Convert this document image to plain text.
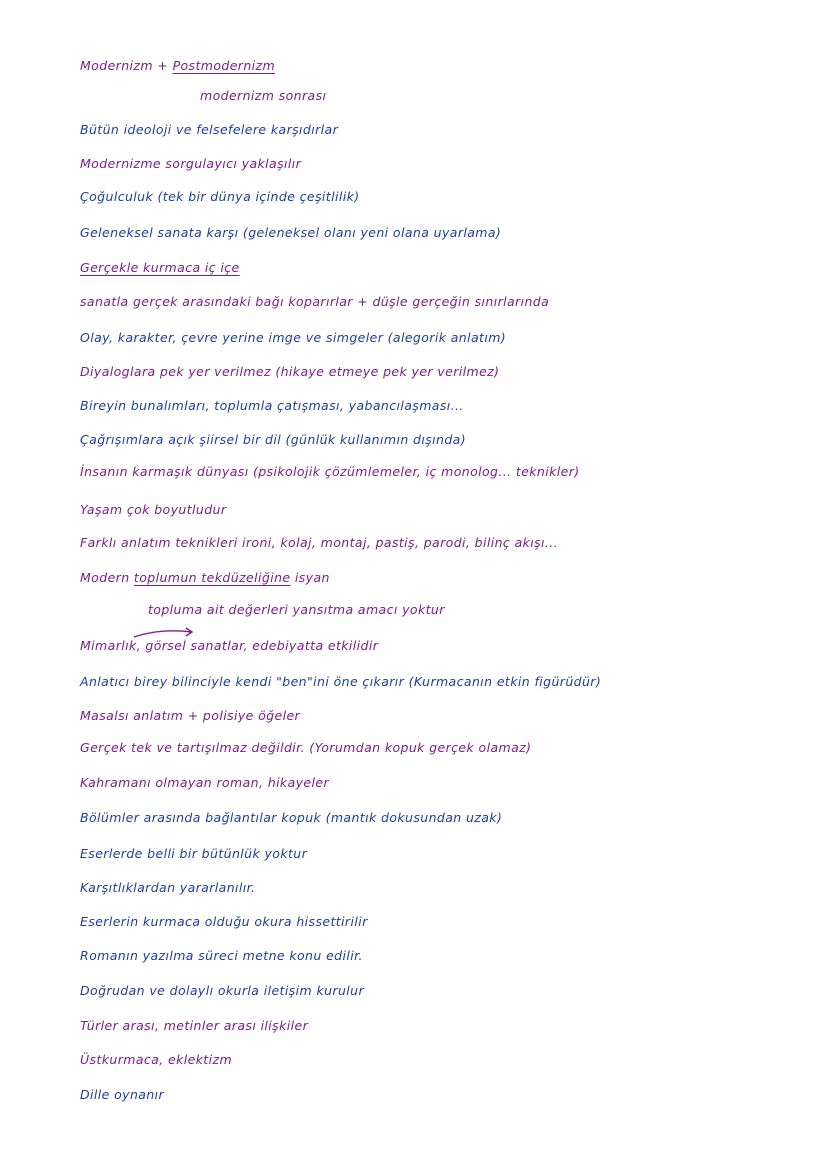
Modernizm + Postmodernizm
modernizm sonrası
Bütün ideoloji ve felsefelere karşıdırlar
Modernizme sorgulayıcı yaklaşılır
Çoğulculuk (tek bir dünya içinde çeşitlilik)
Geleneksel sanata karşı (geleneksel olanı yeni olana uyarlama)
Gerçekle kurmaca iç içe
sanatla gerçek arasındaki bağı koparırlar + düşle gerçeğin sınırlarında
Olay, karakter, çevre yerine imge ve simgeler (alegorik anlatım)
Diyaloglara pek yer verilmez (hikaye etmeye pek yer verilmez)
Bireyin bunalımları, toplumla çatışması, yabancılaşması...
Çağrışımlara açık şiirsel bir dil (günlük kullanımın dışında)
İnsanın karmaşık dünyası (psikolojik çözümlemeler, iç monolog... teknikler)
Yaşam çok boyutludur
Farklı anlatım teknikleri ironi, kolaj, montaj, pastiş, parodi, bilinç akışı...
Modern toplumun tekdüzeliğine isyan
topluma ait değerleri yansıtma amacı yoktur
Mimarlık, görsel sanatlar, edebiyatta etkilidir
Anlatıcı birey bilinciyle kendi "ben"ini öne çıkarır (Kurmacanın etkin figürüdür)
Masalsı anlatım + polisiye öğeler
Gerçek tek ve tartışılmaz değildir. (Yorumdan kopuk gerçek olamaz)
Kahramanı olmayan roman, hikayeler
Bölümler arasında bağlantılar kopuk (mantık dokusundan uzak)
Eserlerde belli bir bütünlük yoktur
Karşıtlıklardan yararlanılır.
Eserlerin kurmaca olduğu okura hissettirilir
Romanın yazılma süreci metne konu edilir.
Doğrudan ve dolaylı okurla iletişim kurulur
Türler arası, metinler arası ilişkiler
Üstkurmaca, eklektizm
Dille oynanır
